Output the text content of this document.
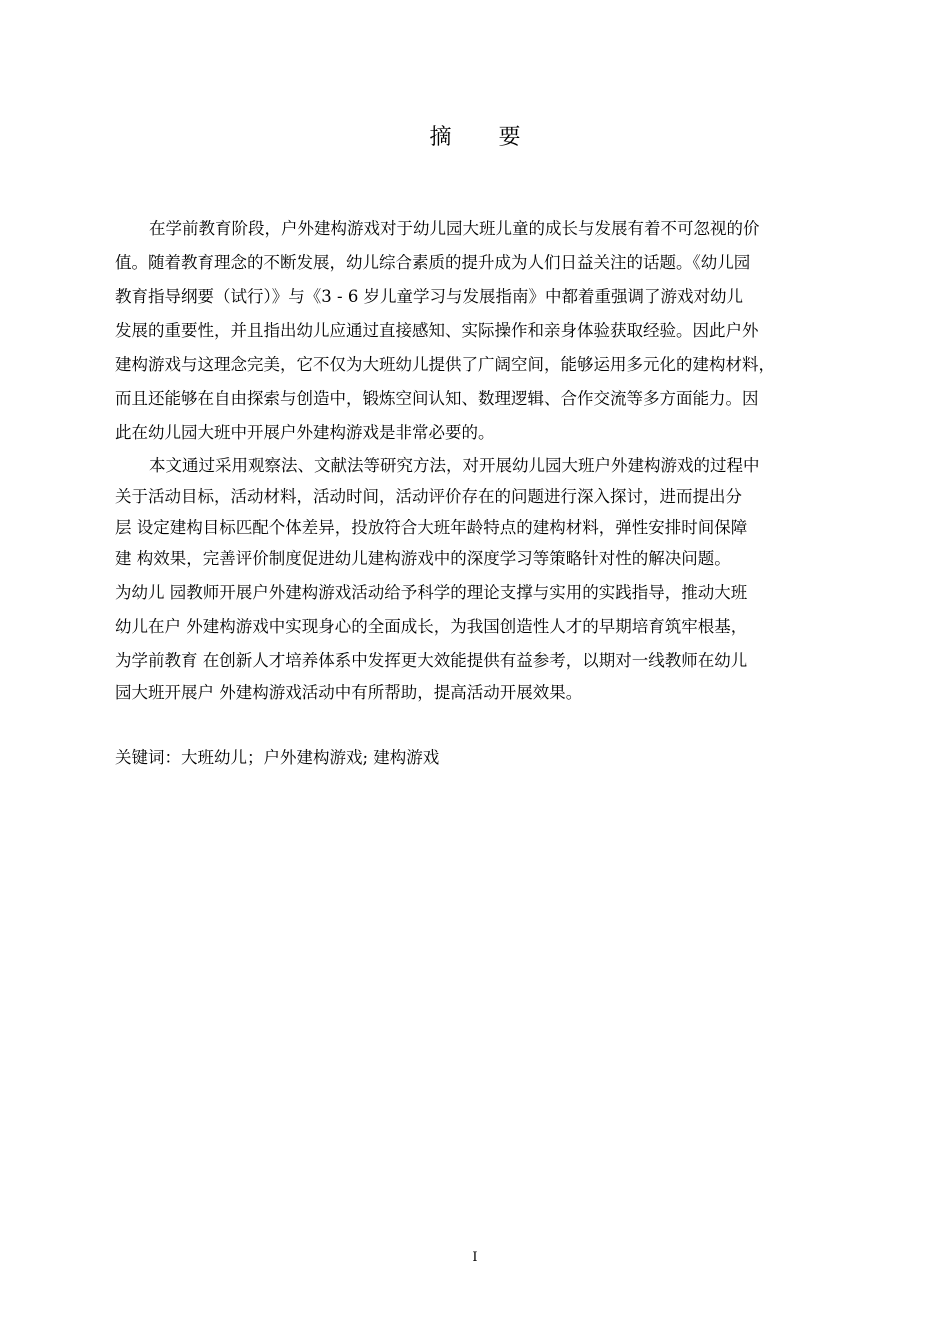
摘 要
在学前教育阶段，户外建构游戏对于幼儿园大班儿童的成长与发展有着不可忽视的价
值。随着教育理念的不断发展，幼儿综合素质的提升成为人们日益关注的话题。《幼儿园
教育指导纲要（试行）》与《3 - 6 岁儿童学习与发展指南》中都着重强调了游戏对幼儿
发展的重要性，并且指出幼儿应通过直接感知、实际操作和亲身体验获取经验。因此户外
建构游戏与这理念完美，它不仅为大班幼儿提供了广阔空间，能够运用多元化的建构材料，
而且还能够在自由探索与创造中，锻炼空间认知、数理逻辑、合作交流等多方面能力。因
此在幼儿园大班中开展户外建构游戏是非常必要的。
本文通过采用观察法、文献法等研究方法，对开展幼儿园大班户外建构游戏的过程中
关于活动目标，活动材料，活动时间，活动评价存在的问题进行深入探讨，进而提出分
层 设定建构目标匹配个体差异，投放符合大班年龄特点的建构材料，弹性安排时间保障
建 构效果，完善评价制度促进幼儿建构游戏中的深度学习等策略针对性的解决问题。
为幼儿 园教师开展户外建构游戏活动给予科学的理论支撑与实用的实践指导，推动大班
幼儿在户 外建构游戏中实现身心的全面成长，为我国创造性人才的早期培育筑牢根基，
为学前教育 在创新人才培养体系中发挥更大效能提供有益参考，以期对一线教师在幼儿
园大班开展户 外建构游戏活动中有所帮助，提高活动开展效果。
关键词：大班幼儿；户外建构游戏; 建构游戏
I
